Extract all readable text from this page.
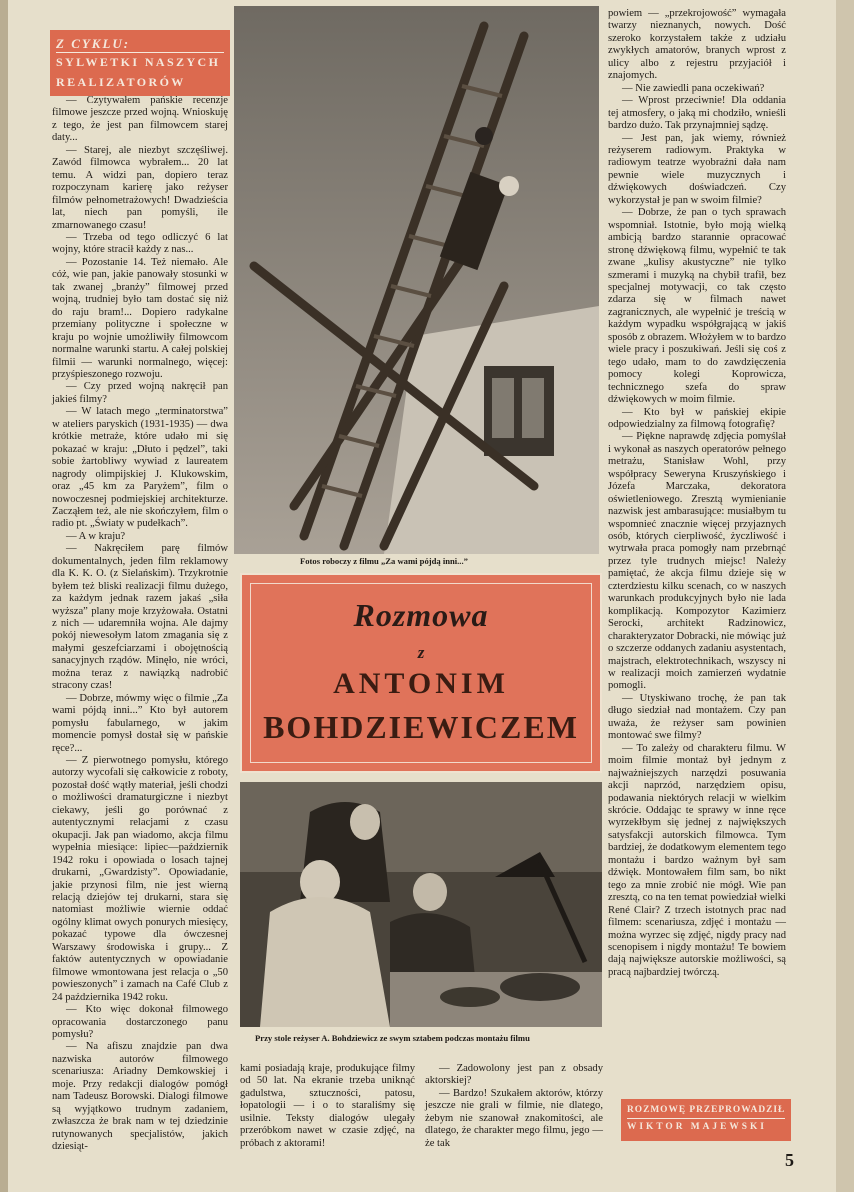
Z CYKLU:
SYLWETKI NASZYCH
REALIZATORÓW

— Czytywałem pańskie recenzje filmowe jeszcze przed wojną. Wnioskuję z tego, że jest pan filmowcem starej daty...

— Starej, ale niezbyt szczęśliwej. Zawód filmowca wybrałem... 20 lat temu. A widzi pan, dopiero teraz rozpoczynam karierę jako reżyser filmów pełnometrażowych! Dwadzieścia lat, niech pan pomyśli, ile zmarnowanego czasu!

— Trzeba od tego odliczyć 6 lat wojny, które stracił każdy z nas...

— Pozostanie 14. Też niemało. Ale cóż, wie pan, jakie panowały stosunki w tak zwanej „branży” filmowej przed wojną, trudniej było tam dostać się niż do raju bram!... Dopiero radykalne przemiany polityczne i społeczne w kraju po wojnie umożliwiły filmowcom normalne warunki startu. A całej polskiej filmii — warunki normalnego, więcej: przyśpieszonego rozwoju.

— Czy przed wojną nakręcił pan jakieś filmy?

— W latach mego „terminatorstwa” w ateliers paryskich (1931-1935) — dwa krótkie metraże, które udało mi się pokazać w kraju: „Dłuto i pędzel”, taki sobie żartobliwy wywiad z laureatem nagrody olimpijskiej J. Klukowskim, oraz „45 km za Paryżem”, film o nowoczesnej podmiejskiej architekturze. Zacząłem też, ale nie skończyłem, film o radio pt. „Światy w pudełkach”.

— A w kraju?

— Nakręciłem parę filmów dokumentalnych, jeden film reklamowy dla K. K. O. (z Sielańskim). Trzykrotnie byłem też bliski realizacji filmu dużego, za każdym jednak razem jakaś „siła wyższa” plany moje krzyżowała. Ostatni z nich — udaremniła wojna. Ale dajmy pokój niewesołym latom zmagania się z małymi geszefciarzami i obojętnością sanacyjnych rządów. Minęło, nie wróci, można teraz z nawiązką nadrobić stracony czas!

— Dobrze, mówmy więc o filmie „Za wami pójdą inni...” Kto był autorem pomysłu fabularnego, w jakim momencie pomysł dostał się w pańskie ręce?...

— Z pierwotnego pomysłu, którego autorzy wycofali się całkowicie z roboty, pozostał dość wątły materiał, jeśli chodzi o możliwości dramaturgiczne i niezbyt ciekawy, jeśli go porównać z autentycznymi relacjami z czasu okupacji. Jak pan wiadomo, akcja filmu wypełnia miesiące: lipiec—październik 1942 roku i opowiada o losach tajnej drukarni, „Gwardzisty”. Opowiadanie, jakie przynosi film, nie jest wierną relacją dziejów tej drukarni, stara się natomiast możliwie wiernie oddać ogólny klimat owych ponurych miesięcy, pokazać typowe dla ówczesnej Warszawy środowiska i grupy... Z faktów autentycznych w opowiadanie filmowe wmontowana jest relacja o „50 powieszonych” i zamach na Café Club z 24 października 1942 roku.

— Kto więc dokonał filmowego opracowania dostarczonego panu pomysłu?

— Na afiszu znajdzie pan dwa nazwiska autorów filmowego scenariusza: Ariadny Demkowskiej i moje. Przy redakcji dialogów pomógł nam Tadeusz Borowski. Dialogi filmowe są wyjątkowo trudnym zadaniem, zwłaszcza że brak nam w tej dziedzinie rutynowanych specjalistów, jakich dziesiąt-

Fotos roboczy z filmu „Za wami pójdą inni...”
Rozmowa
z
ANTONIM
BOHDZIEWICZEM
Przy stole reżyser A. Bohdziewicz ze swym sztabem podczas montażu filmu

kami posiadają kraje, produkujące filmy od 50 lat. Na ekranie trzeba uniknąć gadulstwa, sztuczności, patosu, łopatologii — i o to staraliśmy się usilnie. Teksty dialogów ulegały przeróbkom nawet w czasie zdjęć, na próbach z aktorami!

— Zadowolony jest pan z obsady aktorskiej?

— Bardzo! Szukałem aktorów, którzy jeszcze nie grali w filmie, nie dlatego, żebym nie szanował znakomitości, ale dlatego, że charakter mego filmu, jego — że tak

powiem — „przekrojowość” wymagała twarzy nieznanych, nowych. Dość szeroko korzystałem także z udziału zwykłych amatorów, branych wprost z ulicy albo z rejestru przyjaciół i znajomych.

— Nie zawiedli pana oczekiwań?

— Wprost przeciwnie! Dla oddania tej atmosfery, o jaką mi chodziło, wnieśli bardzo dużo. Tak przynajmniej sądzę.

— Jest pan, jak wiemy, również reżyserem radiowym. Praktyka w radiowym teatrze wyobraźni dała nam pewnie wiele muzycznych i dźwiękowych doświadczeń. Czy wykorzystał je pan w swoim filmie?

— Dobrze, że pan o tych sprawach wspomniał. Istotnie, było moją wielką ambicją bardzo starannie opracować stronę dźwiękową filmu, wypełnić te tak zwane „kulisy akustyczne” nie tylko szmerami i muzyką na chybił trafił, bez specjalnej motywacji, co tak często zdarza się w filmach nawet zagranicznych, ale wypełnić je treścią w każdym wypadku współgrającą w jakiś sposób z obrazem. Włożyłem w to bardzo wiele pracy i poszukiwań. Jeśli się coś z tego udało, mam to do zawdzięczenia pomocy kolegi Koprowicza, technicznego szefa do spraw dźwiękowych w moim filmie.

— Kto był w pańskiej ekipie odpowiedzialny za filmową fotografię?

— Piękne naprawdę zdjęcia pomyślał i wykonał as naszych operatorów pełnego metrażu, Stanisław Wohl, przy współpracy Seweryna Kruszyńskiego i Józefa Marczaka, dekoratora oświetleniowego. Zresztą wymienianie nazwisk jest ambarasujące: musiałbym tu wspomnieć znacznie więcej przyjaznych osób, których cierpliwość, życzliwość i wytrwała praca pomogły nam przebrnąć przez tyle trudnych miejsc! Należy pamiętać, że akcja filmu dzieje się w czterdziestu kilku scenach, co w naszych warunkach produkcyjnych było nie lada komplikacją. Kompozytor Kazimierz Serocki, architekt Radzinowicz, charakteryzator Dobracki, nie mówiąc już o szczerze oddanych zadaniu asystentach, majstrach, elektrotechnikach, wszyscy ni w realizacji moich zamierzeń wydatnie pomogli.

— Utyskiwano trochę, że pan tak długo siedział nad montażem. Czy pan uważa, że reżyser sam powinien montować swe filmy?

— To zależy od charakteru filmu. W moim filmie montaż był jednym z najważniejszych narzędzi posuwania akcji naprzód, narzędziem opisu, podawania niektórych relacji w wielkim skrócie. Oddając te sprawy w inne ręce wyrzekłbym się jednej z największych satysfakcji autorskich filmowca. Tym bardziej, że dodatkowym elementem tego montażu i bardzo ważnym był sam dźwięk. Montowałem film sam, bo nikt tego za mnie zrobić nie mógł. Wie pan zresztą, co na ten temat powiedział wielki René Clair? Z trzech istotnych prac nad filmem: scenariusza, zdjęć i montażu — można wyrzec się zdjęć, nigdy pracy nad scenopisem i nigdy montażu! Te bowiem dają największe autorskie możliwości, są pracą najbardziej twórczą.

ROZMOWĘ PRZEPROWADZIŁ
WIKTOR MAJEWSKI
5
